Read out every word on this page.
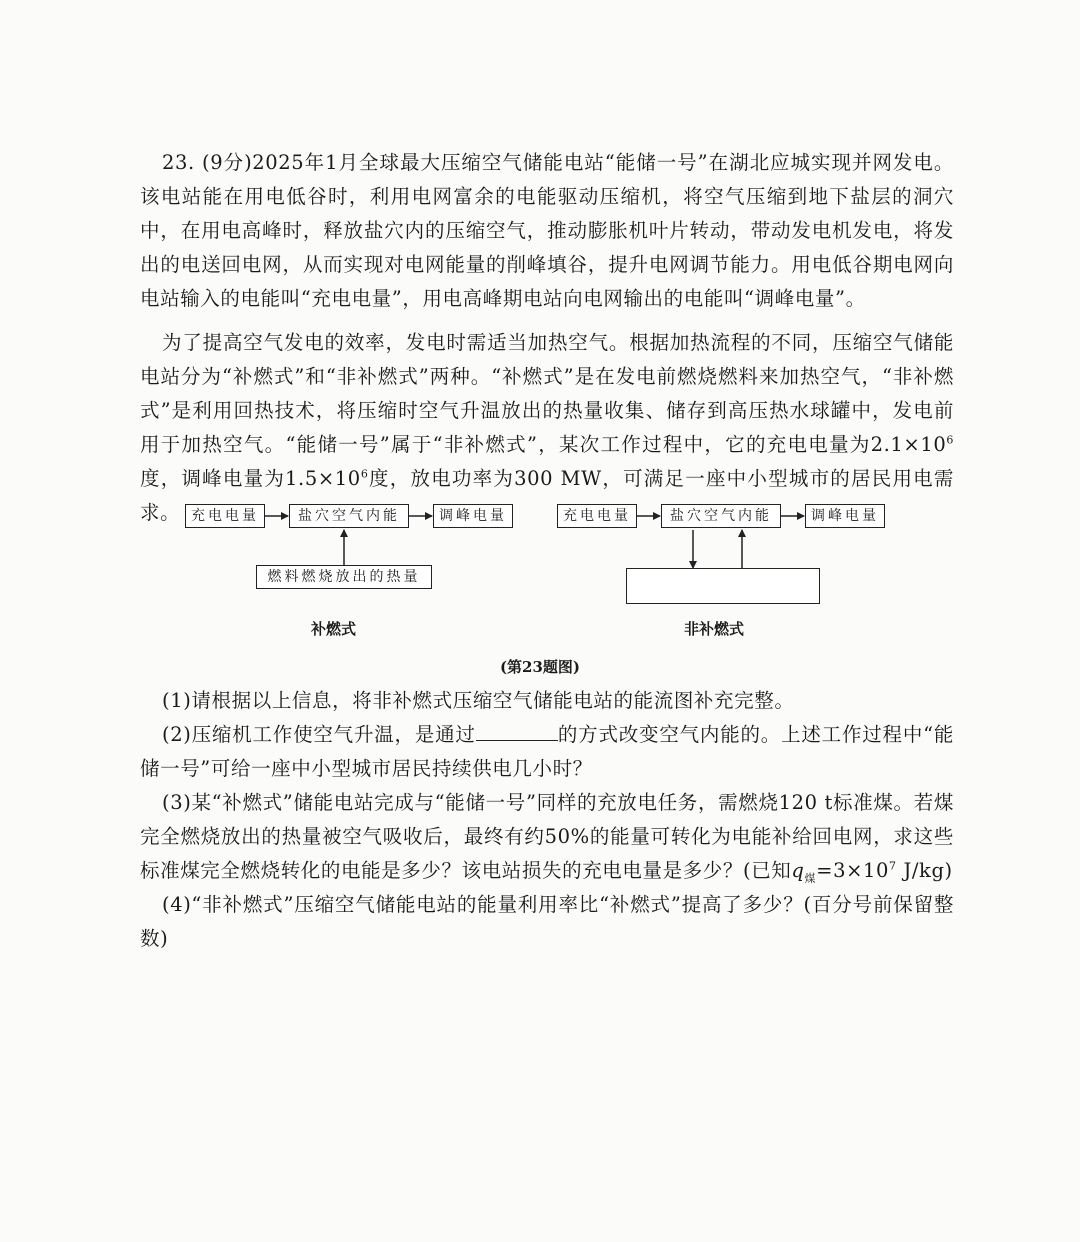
23. (9分)2025年1月全球最大压缩空气储能电站“能储一号”在湖北应城实现并网发电。该电站能在用电低谷时，利用电网富余的电能驱动压缩机，将空气压缩到地下盐层的洞穴中，在用电高峰时，释放盐穴内的压缩空气，推动膨胀机叶片转动，带动发电机发电，将发出的电送回电网，从而实现对电网能量的削峰填谷，提升电网调节能力。用电低谷期电网向电站输入的电能叫“充电电量”，用电高峰期电站向电网输出的电能叫“调峰电量”。
为了提高空气发电的效率，发电时需适当加热空气。根据加热流程的不同，压缩空气储能电站分为“补燃式”和“非补燃式”两种。“补燃式”是在发电前燃烧燃料来加热空气，“非补燃式”是利用回热技术，将压缩时空气升温放出的热量收集、储存到高压热水球罐中，发电前用于加热空气。“能储一号”属于“非补燃式”，某次工作过程中，它的充电电量为$2.1\times 10^6$度，调峰电量为$1.5\times 10^6$度，放电功率为300 MW，可满足一座中小型城市的居民用电需求。 充电电量	盐穴空气内能	调峰电量
燃料燃烧放出的热量
补燃式
充电电量	盐穴空气内能	调峰电量
非补燃式
(第23题图)
(1)请根据以上信息，将非补燃式压缩空气储能电站的能流图补充完整。
(2)压缩机工作使空气升温，是通过	的方式改变空气内能的。上述工作过程中“能储一号”可给一座中小型城市居民持续供电几小时？
(3)某“补燃式”储能电站完成与“能储一号”同样的充放电任务，需燃烧120 t标准煤。若煤完全燃烧放出的热量被空气吸收后，最终有约50%的能量可转化为电能补给回电网，求这些标准煤完全燃烧转化的电能是多少？该电站损失的充电电量是多少？(已知$q_煤=3\times 10^7$ J/kg)
(4)“非补燃式”压缩空气储能电站的能量利用率比“补燃式”提高了多少？(百分号前保留整数)
